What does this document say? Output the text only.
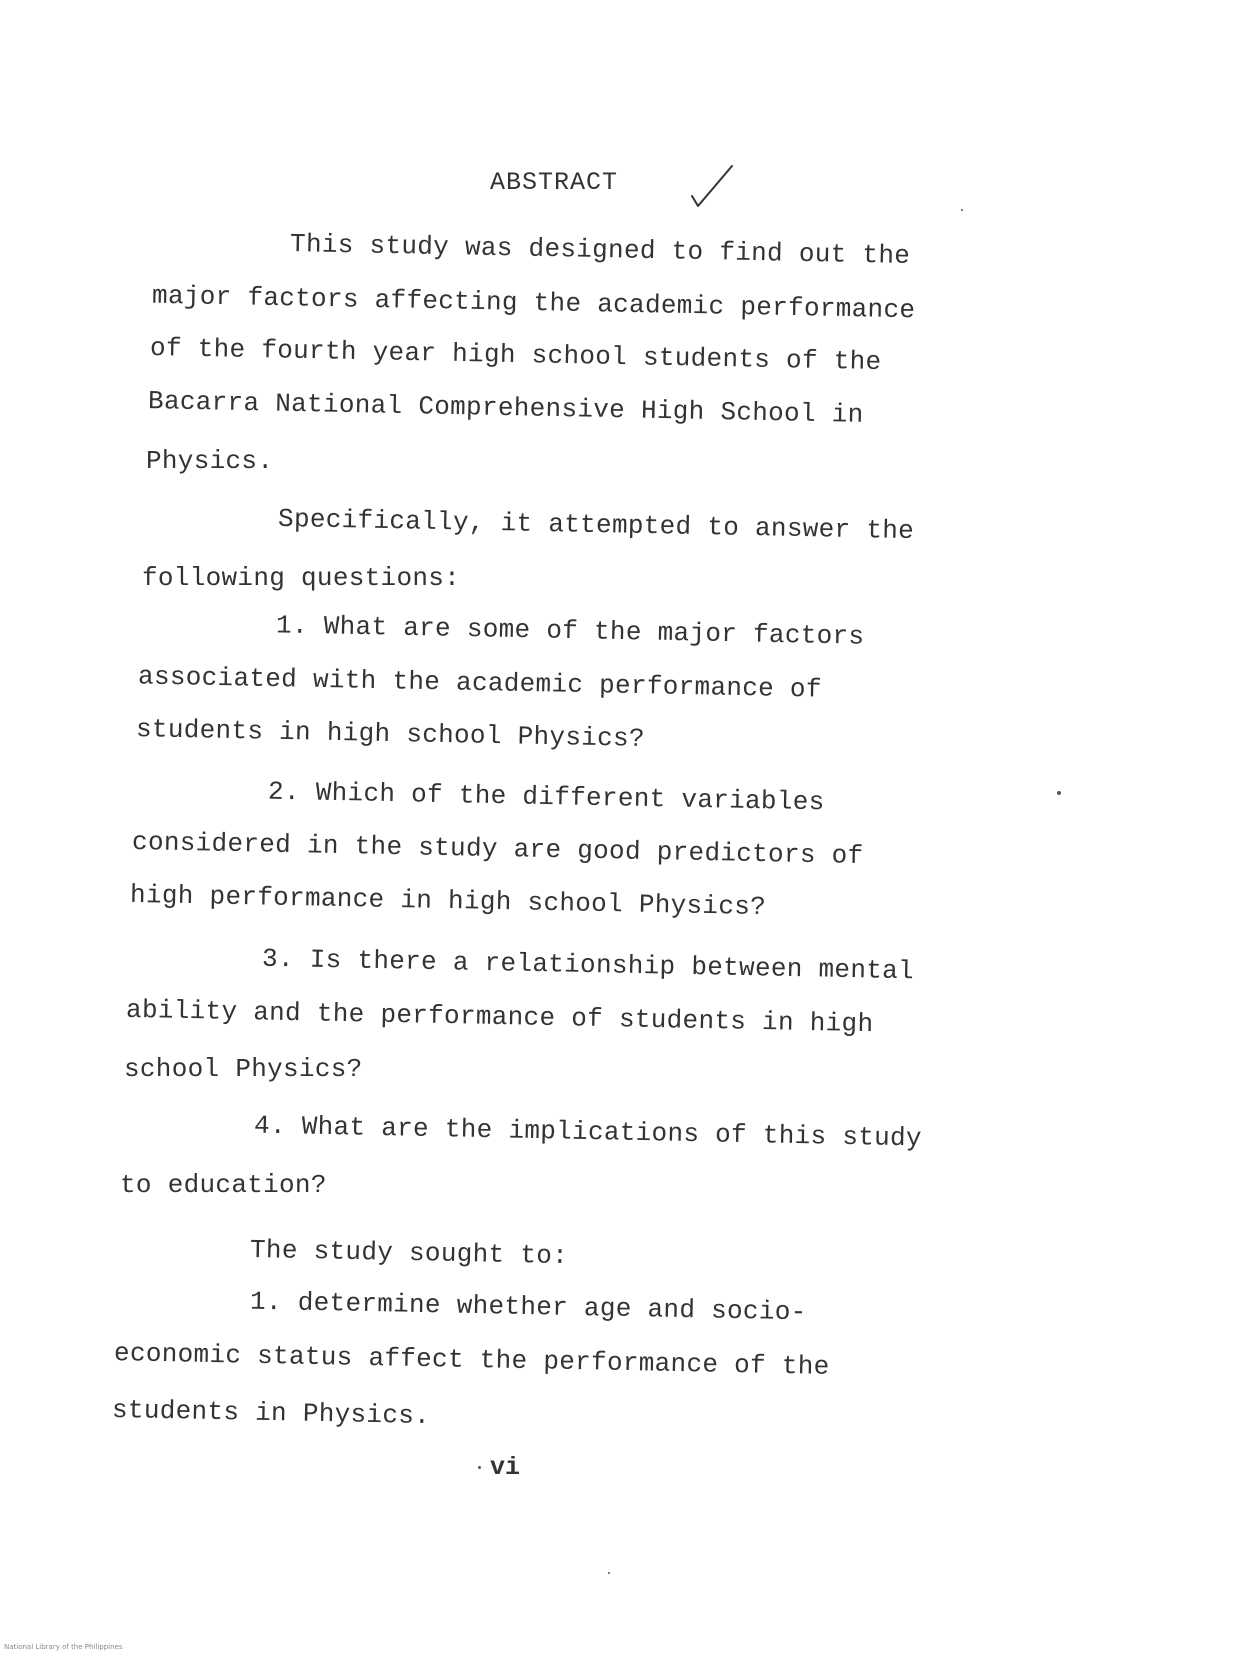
ABSTRACT
This study was designed to find out the
major factors affecting the academic performance
of the fourth year high school students of the
Bacarra National Comprehensive High School in
Physics.
Specifically, it attempted to answer the
following questions:
1. What are some of the major factors
associated with the academic performance of
students in high school Physics?
2. Which of the different variables
considered in the study are good predictors of
high performance in high school Physics?
3. Is there a relationship between mental
ability and the performance of students in high
school Physics?
4. What are the implications of this study
to education?
The study sought to:
1. determine whether age and socio-
economic status affect the performance of the
students in Physics.
vi
National Library of the Philippines
